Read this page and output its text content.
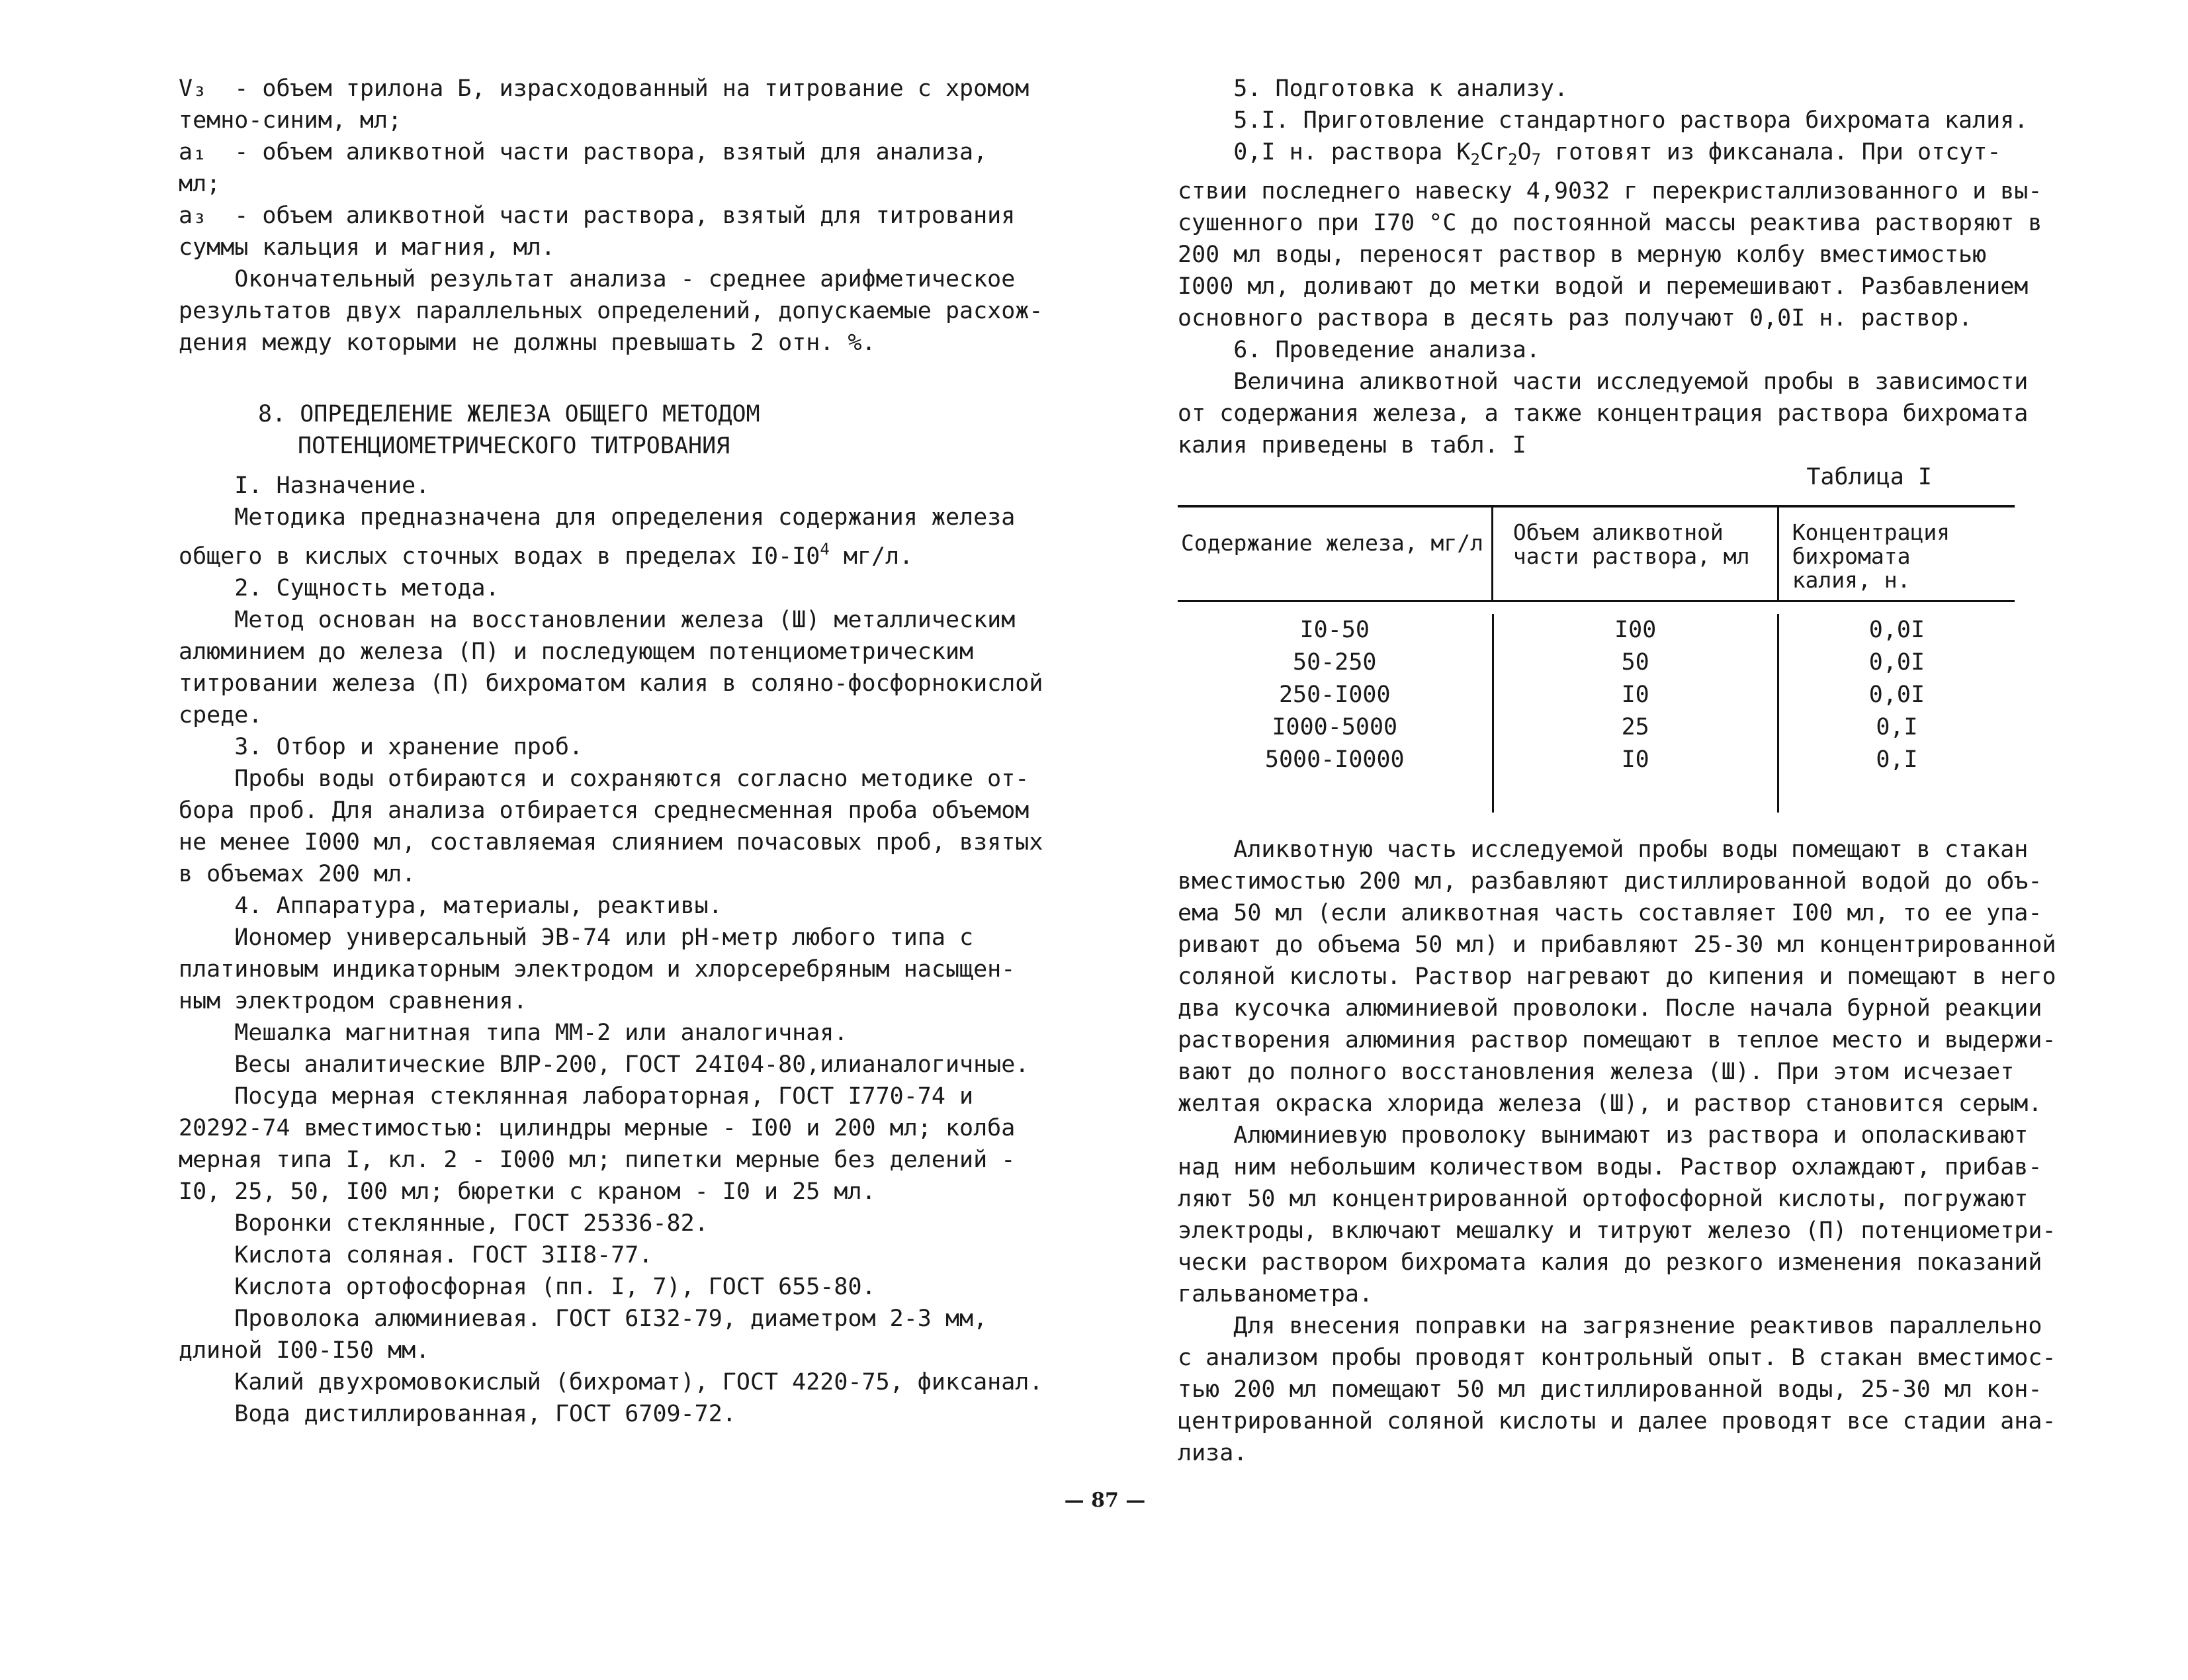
V₃  - объем трилона Б, израсходованный на титрование с хромом
темно-синим, мл;
а₁  - объем аликвотной части раствора, взятый для анализа,
мл;
а₃  - объем аликвотной части раствора, взятый для титрования
суммы кальция и магния, мл.
Окончательный результат анализа - среднее арифметическое
результатов двух параллельных определений, допускаемые расхож-
дения между которыми не должны превышать 2 отн. %.
8. ОПРЕДЕЛЕНИЕ ЖЕЛЕЗА ОБЩЕГО МЕТОДОМ
ПОТЕНЦИОМЕТРИЧЕСКОГО ТИТРОВАНИЯ
I. Назначение.
Методика предназначена для определения содержания железа
общего в кислых сточных водах в пределах $I0-I0^4$ мг/л.
2. Сущность метода.
Метод основан на восстановлении железа (Ш) металлическим
алюминием до железа (П) и последующем потенциометрическим
титровании железа (П) бихроматом калия в соляно-фосфорнокислой
среде.
3. Отбор и хранение проб.
Пробы воды отбираются и сохраняются согласно методике от-
бора проб. Для анализа отбирается среднесменная проба объемом
не менее I000 мл, составляемая слиянием почасовых проб, взятых
в объемах 200 мл.
4. Аппаратура, материалы, реактивы.
Иономер универсальный ЭВ-74 или рН-метр любого типа с
платиновым индикаторным электродом и хлорсеребряным насыщен-
ным электродом сравнения.
Мешалка магнитная типа ММ-2 или аналогичная.
Весы аналитические ВЛР-200, ГОСТ 24I04-80,илианалогичные.
Посуда мерная стеклянная лабораторная, ГОСТ I770-74 и
20292-74 вместимостью: цилиндры мерные - I00 и 200 мл; колба
мерная типа I, кл. 2 - I000 мл; пипетки мерные без делений -
I0, 25, 50, I00 мл; бюретки с краном - I0 и 25 мл.
Воронки стеклянные, ГОСТ 25336-82.
Кислота соляная. ГОСТ 3II8-77.
Кислота ортофосфорная (пп. I, 7), ГОСТ 655-80.
Проволока алюминиевая. ГОСТ 6I32-79, диаметром 2-3 мм,
длиной I00-I50 мм.
Калий двухромовокислый (бихромат), ГОСТ 4220-75, фиксанал.
Вода дистиллированная, ГОСТ 6709-72.
5. Подготовка к анализу.
5.I. Приготовление стандартного раствора бихромата калия.
0,I н. раствора $K_2Cr_2O_7$ готовят из фиксанала. При отсут-
ствии последнего навеску 4,9032 г перекристаллизованного и вы-
сушенного при I70 °С до постоянной массы реактива растворяют в
200 мл воды, переносят раствор в мерную колбу вместимостью
I000 мл, доливают до метки водой и перемешивают. Разбавлением
основного раствора в десять раз получают 0,0I н. раствор.
6. Проведение анализа.
Величина аликвотной части исследуемой пробы в зависимости
от содержания железа, а также концентрация раствора бихромата
калия приведены в табл. I
Таблица I
Содержание железа, мг/л	Объем аликвотной
части раствора, мл
Концентрация
бихромата
калия, н.
I0-50
50-250
250-I000
I000-5000
5000-I0000
I00
50
I0
25
I0
0,0I
0,0I
0,0I
0,I
0,I
Аликвотную часть исследуемой пробы воды помещают в стакан
вместимостью 200 мл, разбавляют дистиллированной водой до объ-
ема 50 мл (если аликвотная часть составляет I00 мл, то ее упа-
ривают до объема 50 мл) и прибавляют 25-30 мл концентрированной
соляной кислоты. Раствор нагревают до кипения и помещают в него
два кусочка алюминиевой проволоки. После начала бурной реакции
растворения алюминия раствор помещают в теплое место и выдержи-
вают до полного восстановления железа (Ш). При этом исчезает
желтая окраска хлорида железа (Ш), и раствор становится серым.
Алюминиевую проволоку вынимают из раствора и ополаскивают
над ним небольшим количеством воды. Раствор охлаждают, прибав-
ляют 50 мл концентрированной ортофосфорной кислоты, погружают
электроды, включают мешалку и титруют железо (П) потенциометри-
чески раствором бихромата калия до резкого изменения показаний
гальванометра.
Для внесения поправки на загрязнение реактивов параллельно
с анализом пробы проводят контрольный опыт. В стакан вместимос-
тью 200 мл помещают 50 мл дистиллированной воды, 25-30 мл кон-
центрированной соляной кислоты и далее проводят все стадии ана-
лиза.
— 87 —
